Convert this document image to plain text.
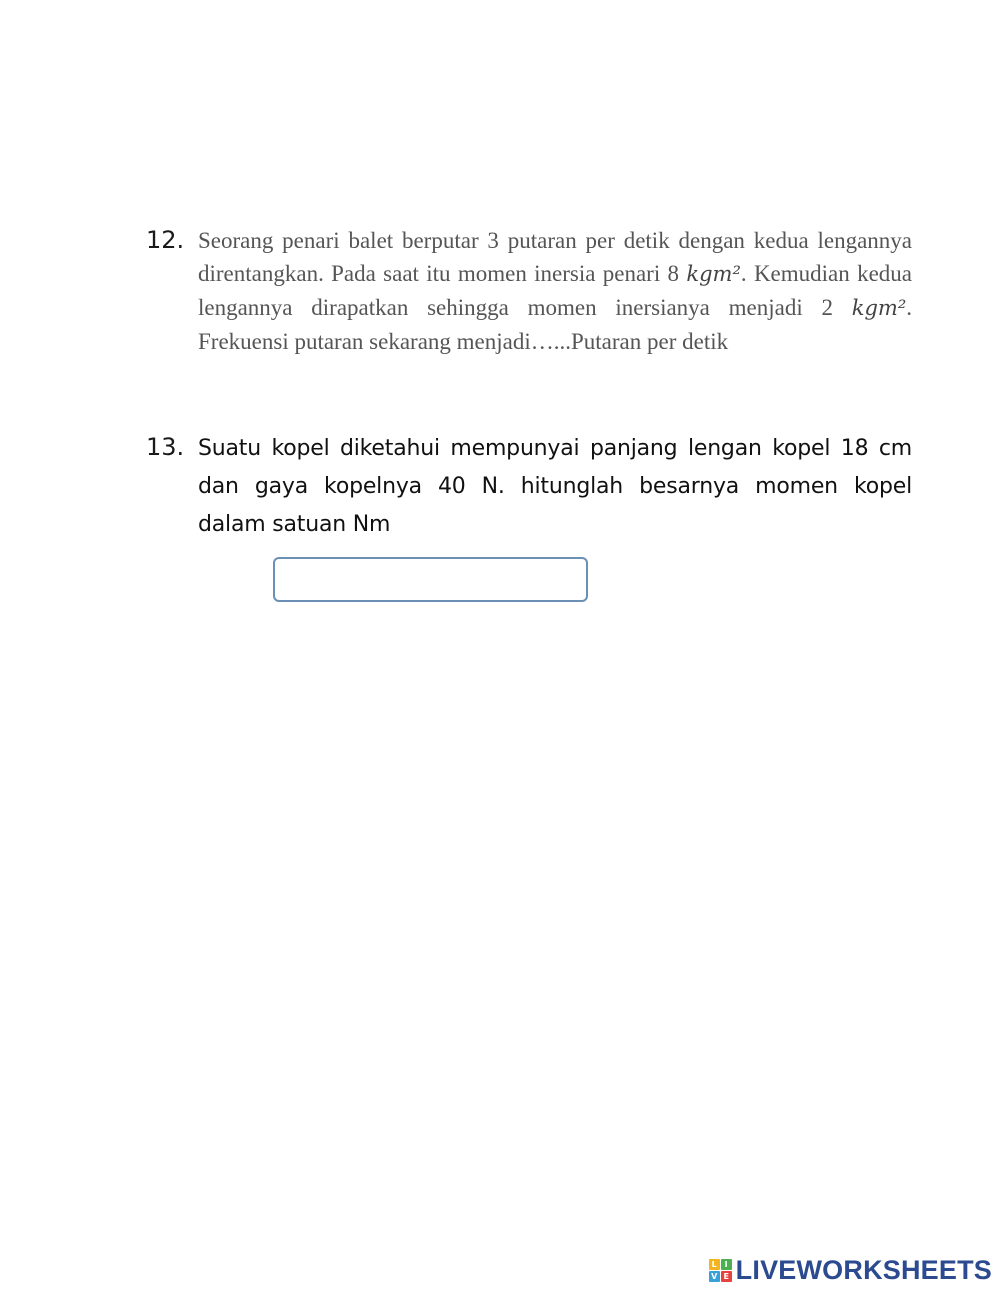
12. Seorang penari balet berputar 3 putaran per detik dengan kedua lengannya direntangkan. Pada saat itu momen inersia penari 8 kgm². Kemudian kedua lengannya dirapatkan sehingga momen inersianya menjadi 2 kgm². Frekuensi putaran sekarang menjadi…...Putaran per detik
13. Suatu kopel diketahui mempunyai panjang lengan kopel 18 cm dan gaya kopelnya 40 N. hitunglah besarnya momen kopel dalam satuan Nm
L I
V E LIVEWORKSHEETS
